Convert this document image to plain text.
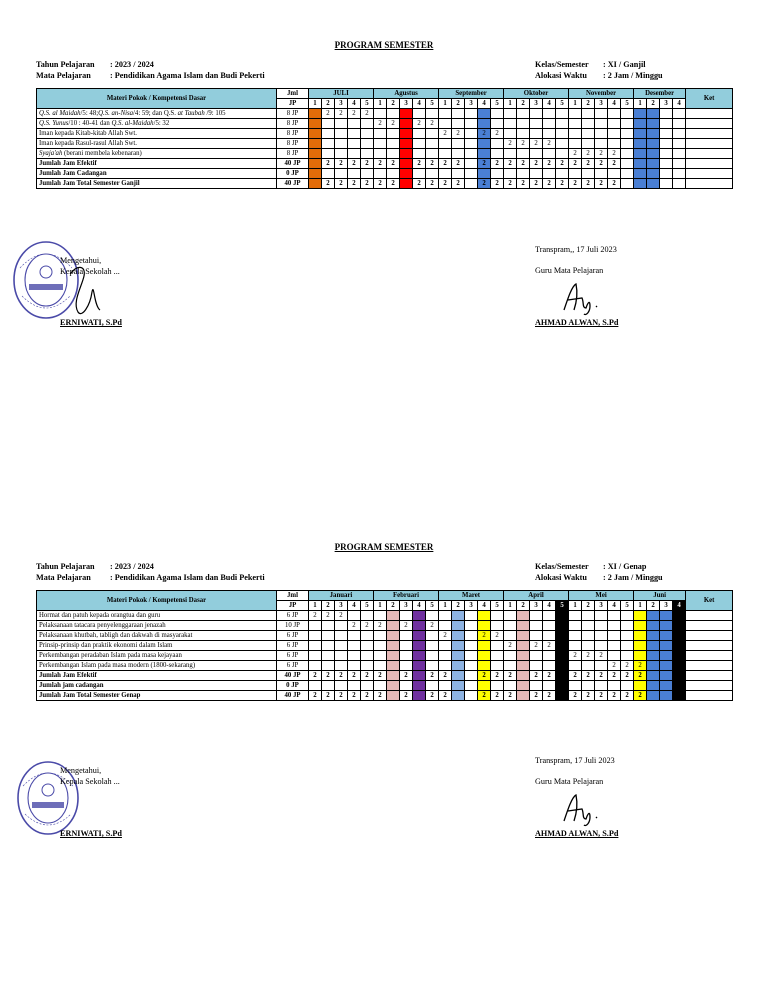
PROGRAM SEMESTER
Tahun Pelajaran : 2023 / 2024
Mata Pelajaran : Pendidikan Agama Islam dan Budi Pekerti
Kelas/Semester : XI / Ganjil
Alokasi Waktu : 2 Jam / Minggu
Materi Pokok / Kompetensi Dasar	Jml	JULI					Agustus					September					Oktober					November					Desember				Ket
	JP	1	2	3	4	5	1	2	3	4	5	1	2	3	4	5	1	2	3	4	5	1	2	3	4	5	1	2	3	4	
Q.S. al Maidah/5: 48;Q.S. an-Nisa/4: 59; dan Q.S. at Taubah /9: 105	8 JP		2	2	2	2																									
Q.S. Yunus/10 : 40-41 dan Q.S. al-Maidah/5: 32	8 JP						2	2		2	2																				
Iman kepada Kitab-kitab Allah Swt.	8 JP											2	2		2	2															
Iman kepada Rasul-rasul Allah Swt.	8 JP																2	2	2	2											
Syaja'ah (berani membela kebenaran)	8 JP																					2	2	2	2						
Jumlah Jam Efektif	40 JP		2	2	2	2	2	2		2	2	2	2		2	2	2	2	2	2	2	2	2	2	2						
Jumlah Jam Cadangan	0 JP																														
Jumlah Jam Total Semester Ganjil	40 JP		2	2	2	2	2	2		2	2	2	2		2	2	2	2	2	2	2	2	2	2	2						
Mengetahui,
Kepala Sekolah ...
ERNIWATI, S.Pd
Transpram,, 17 Juli 2023
Guru Mata Pelajaran
AHMAD ALWAN, S.Pd
PROGRAM SEMESTER
Tahun Pelajaran : 2023 / 2024
Mata Pelajaran : Pendidikan Agama Islam dan Budi Pekerti
Kelas/Semester : XI / Genap
Alokasi Waktu : 2 Jam / Minggu
Materi Pokok / Kompetensi Dasar	Jml	Januari					Februari					Maret					April					Mei					Juni				Ket
	JP	1	2	3	4	5	1	2	3	4	5	1	2	3	4	5	1	2	3	4	5	1	2	3	4	5	1	2	3	4	
Hormat dan patuh kepada orangtua dan guru	6 JP	2	2	2																											
Pelaksanaan tatacara penyelenggaraan jenazah	10 JP				2	2	2		2		2																				
Pelaksanaan khutbah, tabligh dan dakwah di masyarakat	6 JP											2			2	2															
Prinsip-prinsip dan praktik ekonomi dalam Islam	6 JP																2		2	2											
Perkembangan peradaban Islam pada masa kejayaan	6 JP																					2	2	2							
Perkembangan Islam pada masa modern (1800-sekarang)	6 JP																								2	2	2				
Jumlah Jam Efektif	40 JP	2	2	2	2	2	2		2		2	2			2	2	2		2	2		2	2	2	2	2	2				
Jumlah jam cadangan	0 JP																														
Jumlah Jam Total Semester Genap	40 JP	2	2	2	2	2	2		2		2	2			2	2	2		2	2		2	2	2	2	2	2				
Mengetahui,
Kepala Sekolah ...
ERNIWATI, S.Pd
Transpram, 17 Juli 2023
Guru Mata Pelajaran
AHMAD ALWAN, S.Pd
